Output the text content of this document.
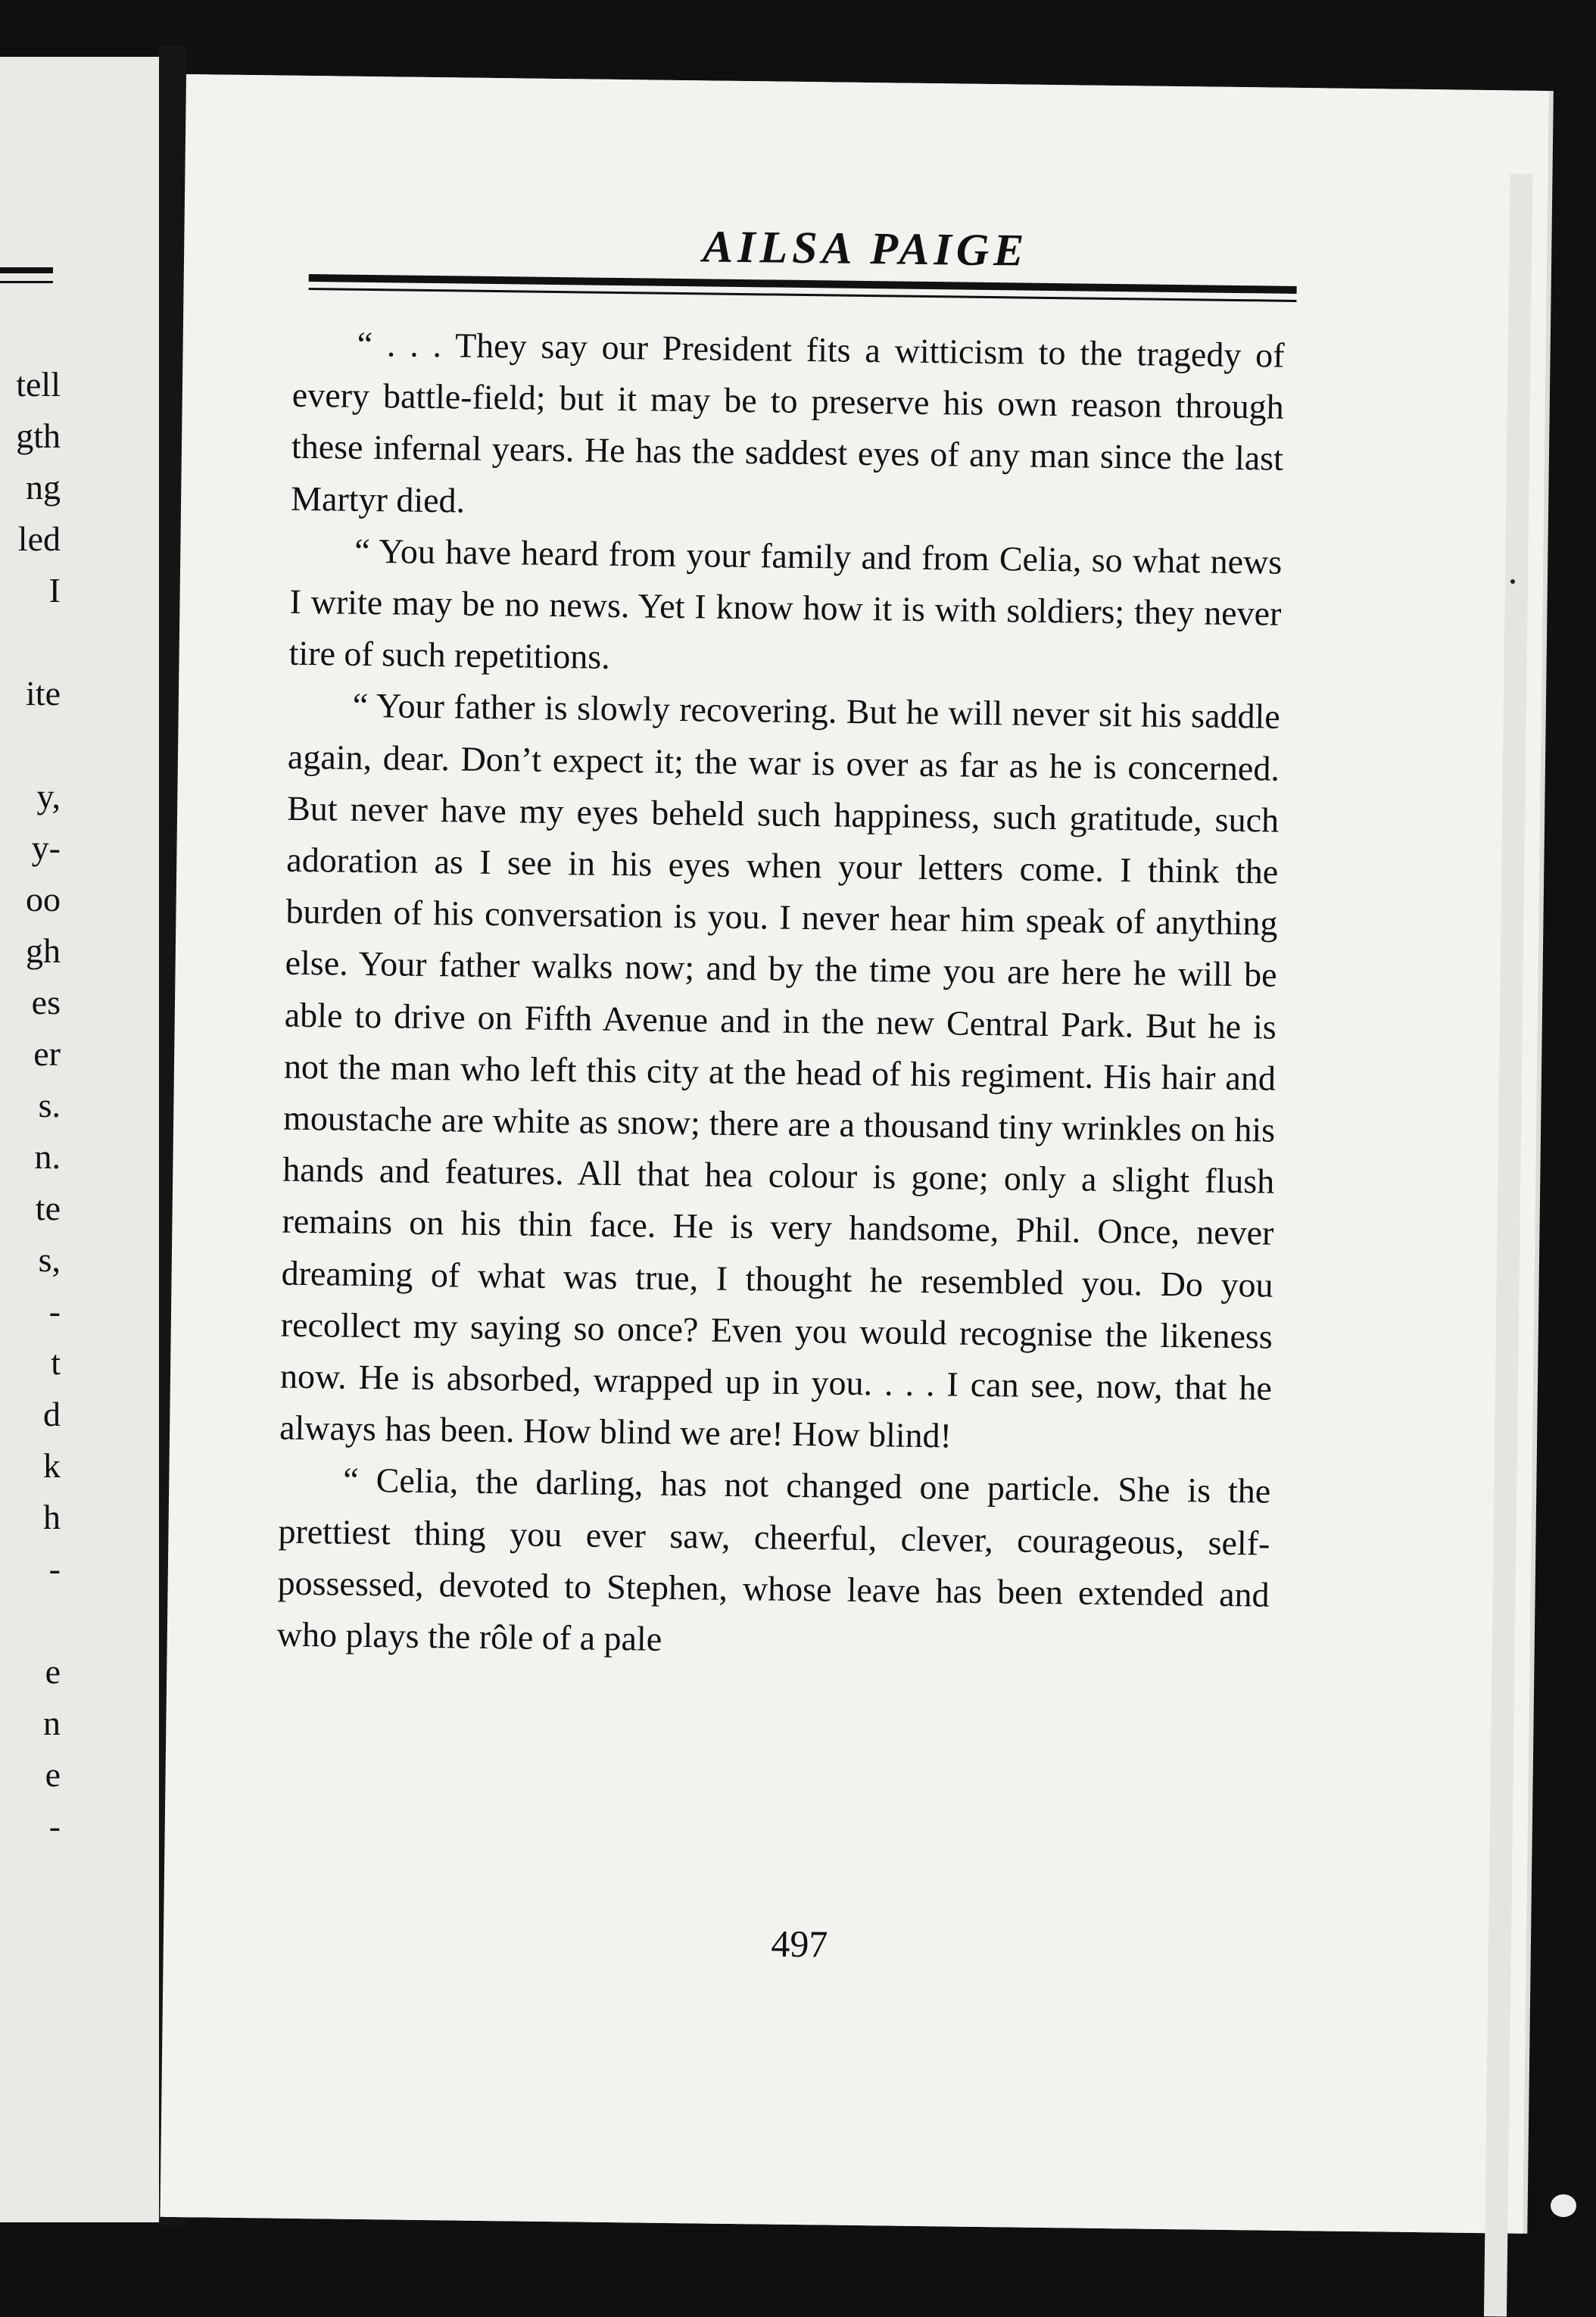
tell
gth
ng
led
I
ite
y,
y-
oo
gh
es
er
s.
n.
te
s,
-
t
d
k
h
-
e
n
e
-
AILSA PAIGE

“ . . . They say our President fits a witticism to the tragedy of every battle-field; but it may be to preserve his own reason through these infernal years. He has the saddest eyes of any man since the last Martyr died.

“ You have heard from your family and from Celia, so what news I write may be no news. Yet I know how it is with soldiers; they never tire of such repetitions.

“ Your father is slowly recovering. But he will never sit his saddle again, dear. Don’t expect it; the war is over as far as he is concerned. But never have my eyes beheld such happiness, such gratitude, such adoration as I see in his eyes when your letters come. I think the burden of his conversation is you. I never hear him speak of anything else. Your father walks now; and by the time you are here he will be able to drive on Fifth Avenue and in the new Central Park. But he is not the man who left this city at the head of his regiment. His hair and moustache are white as snow; there are a thousand tiny wrinkles on his hands and features. All that hea colour is gone; only a slight flush remains on his thin face. He is very handsome, Phil. Once, never dreaming of what was true, I thought he resembled you. Do you recollect my saying so once? Even you would recognise the likeness now. He is absorbed, wrapped up in you. . . . I can see, now, that he always has been. How blind we are! How blind!

“ Celia, the darling, has not changed one particle. She is the prettiest thing you ever saw, cheerful, clever, courageous, self-possessed, devoted to Stephen, whose leave has been extended and who plays the rôle of a pale

497
